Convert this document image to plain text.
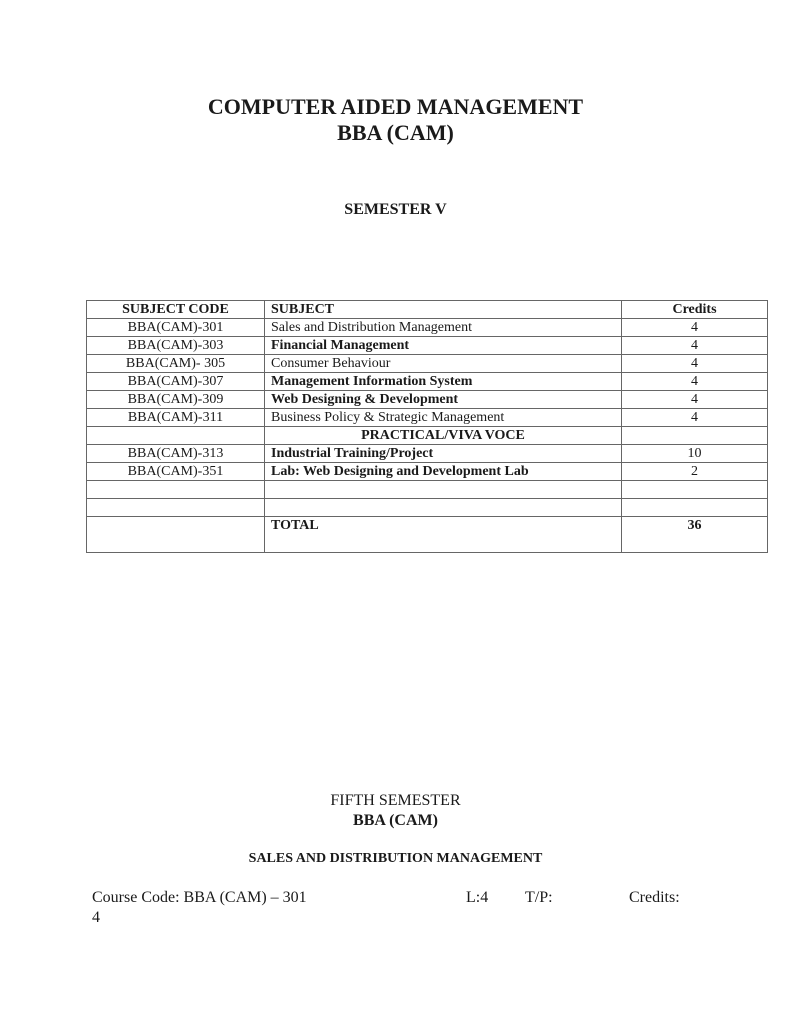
COMPUTER AIDED MANAGEMENT
BBA (CAM)
SEMESTER V
SUBJECT CODE	SUBJECT	Credits
BBA(CAM)-301	Sales and Distribution Management	4
BBA(CAM)-303	Financial Management	4
BBA(CAM)- 305	Consumer Behaviour	4
BBA(CAM)-307	Management Information System	4
BBA(CAM)-309	Web Designing & Development	4
BBA(CAM)-311	Business Policy & Strategic Management	4
	PRACTICAL/VIVA VOCE	
BBA(CAM)-313	Industrial Training/Project	10
BBA(CAM)-351	Lab: Web Designing and Development Lab	2

	TOTAL	36
FIFTH SEMESTER
BBA (CAM)
SALES AND DISTRIBUTION MANAGEMENT
Course Code: BBA (CAM) – 301	L:4 T/P:	Credits:
4
